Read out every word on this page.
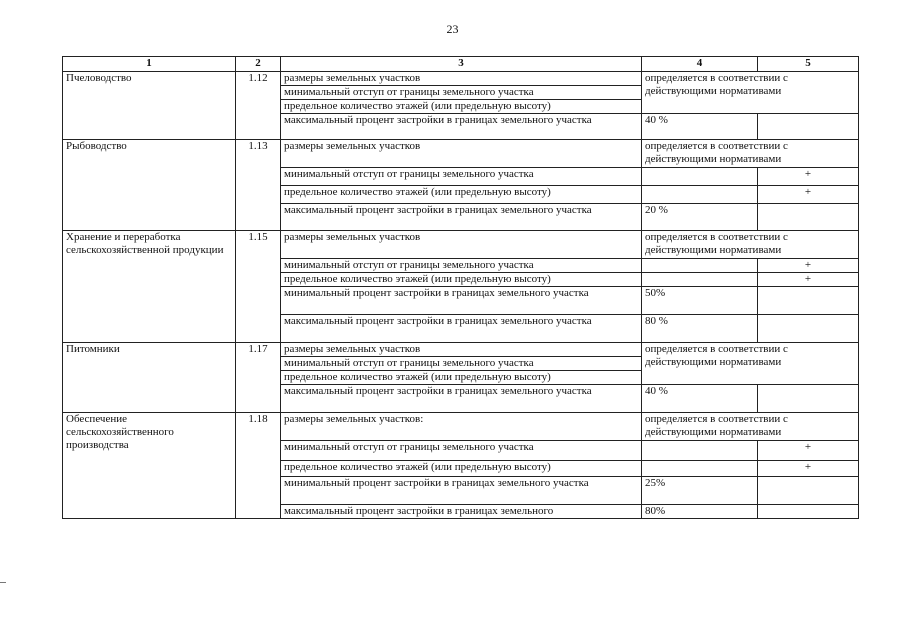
23
1	2	3	4	5
Пчеловодство	1.12	размеры земельных участков	определяется в соответствии с действующими нормативами	
		минимальный отступ от границы земельного участка		
		предельное количество этажей (или предельную высоту)		
		максимальный процент застройки в границах земельного участка	40 %	
Рыбоводство	1.13	размеры земельных участков	определяется в соответствии с действующими нормативами	
		минимальный отступ от границы земельного участка		+
		предельное количество этажей (или предельную высоту)		+
		максимальный процент застройки в границах земельного участка	20 %	
Хранение и переработка сельскохозяйственной продукции	1.15	размеры земельных участков	определяется в соответствии с действующими нормативами	
		минимальный отступ от границы земельного участка		+
		предельное количество этажей (или предельную высоту)		+
		минимальный процент застройки в границах земельного участка	50%	
		максимальный процент застройки в границах земельного участка	80 %	
Питомники	1.17	размеры земельных участков	определяется в соответствии с действующими нормативами	
		минимальный отступ от границы земельного участка		
		предельное количество этажей (или предельную высоту)		
		максимальный процент застройки в границах земельного участка	40 %	
Обеспечение сельскохозяйственного производства	1.18	размеры земельных участков:	определяется в соответствии с действующими нормативами	
		минимальный отступ от границы земельного участка		+
		предельное количество этажей (или предельную высоту)		+
		минимальный процент застройки в границах земельного участка	25%	
		максимальный процент застройки в границах земельного	80%	
